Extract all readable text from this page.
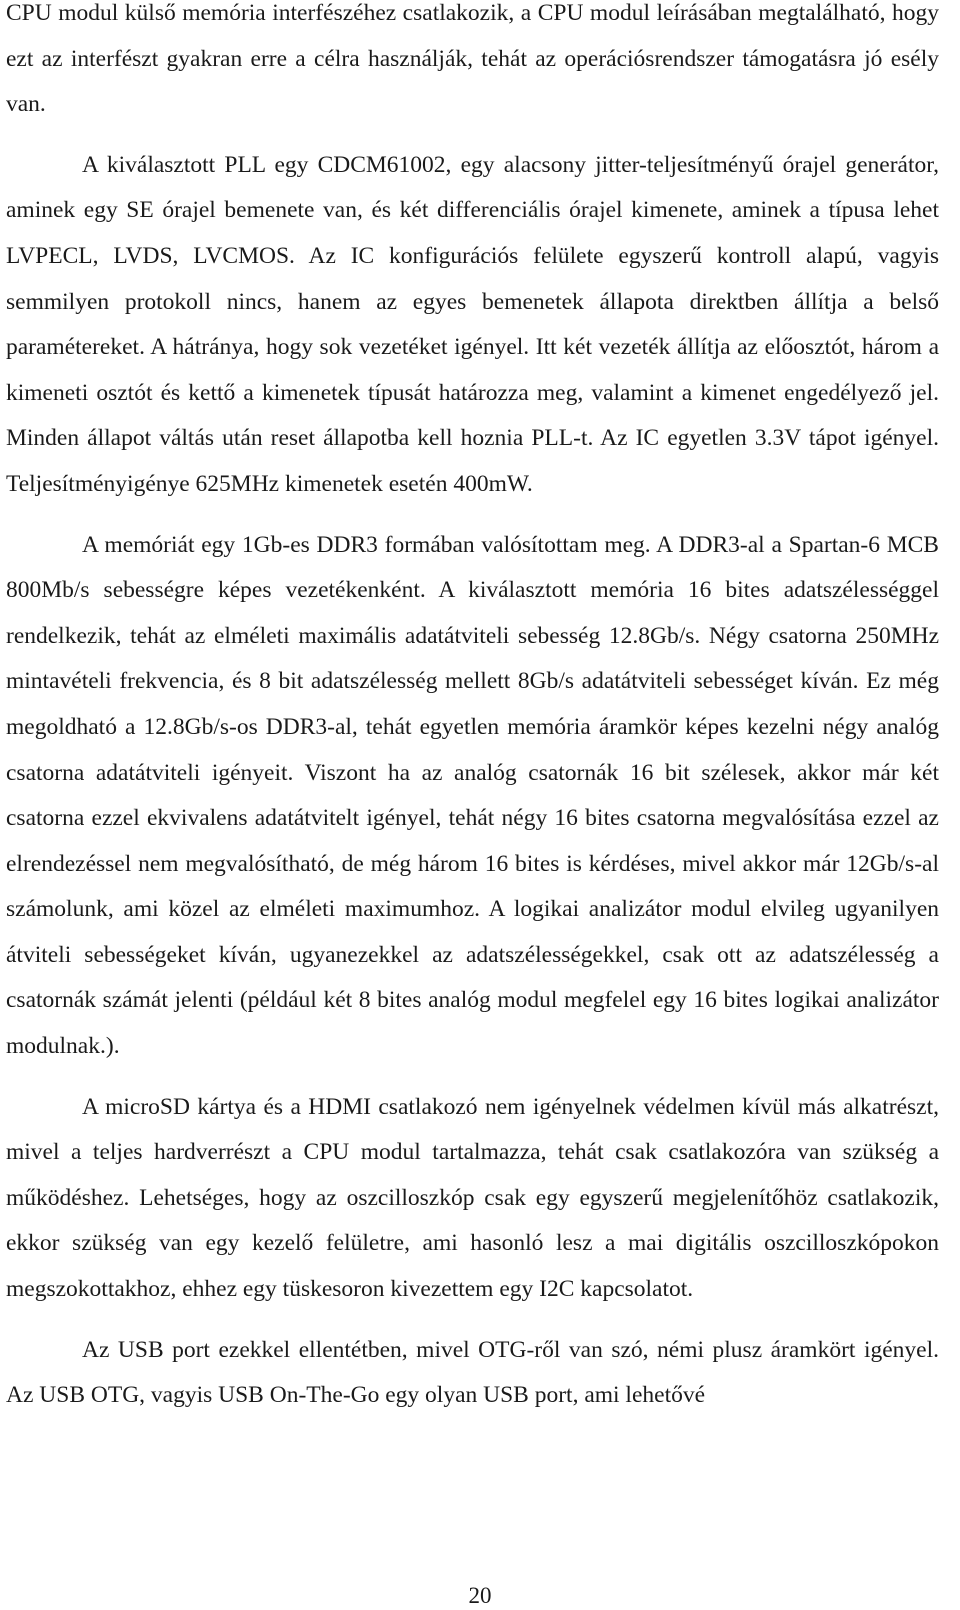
CPU modul külső memória interfészéhez csatlakozik, a CPU modul leírásában megtalálható, hogy ezt az interfészt gyakran erre a célra használják, tehát az operációsrendszer támogatásra jó esély van.

A kiválasztott PLL egy CDCM61002, egy alacsony jitter-teljesítményű órajel generátor, aminek egy SE órajel bemenete van, és két differenciális órajel kimenete, aminek a típusa lehet LVPECL, LVDS, LVCMOS. Az IC konfigurációs felülete egyszerű kontroll alapú, vagyis semmilyen protokoll nincs, hanem az egyes bemenetek állapota direktben állítja a belső paramétereket. A hátránya, hogy sok vezetéket igényel. Itt két vezeték állítja az előosztót, három a kimeneti osztót és kettő a kimenetek típusát határozza meg, valamint a kimenet engedélyező jel. Minden állapot váltás után reset állapotba kell hoznia PLL-t. Az IC egyetlen 3.3V tápot igényel. Teljesítményigénye 625MHz kimenetek esetén 400mW.

A memóriát egy 1Gb-es DDR3 formában valósítottam meg. A DDR3-al a Spartan-6 MCB 800Mb/s sebességre képes vezetékenként. A kiválasztott memória 16 bites adatszélességgel rendelkezik, tehát az elméleti maximális adatátviteli sebesség 12.8Gb/s. Négy csatorna 250MHz mintavételi frekvencia, és 8 bit adatszélesség mellett 8Gb/s adatátviteli sebességet kíván. Ez még megoldható a 12.8Gb/s-os DDR3-al, tehát egyetlen memória áramkör képes kezelni négy analóg csatorna adatátviteli igényeit. Viszont ha az analóg csatornák 16 bit szélesek, akkor már két csatorna ezzel ekvivalens adatátvitelt igényel, tehát négy 16 bites csatorna megvalósítása ezzel az elrendezéssel nem megvalósítható, de még három 16 bites is kérdéses, mivel akkor már 12Gb/s-al számolunk, ami közel az elméleti maximumhoz. A logikai analizátor modul elvileg ugyanilyen átviteli sebességeket kíván, ugyanezekkel az adatszélességekkel, csak ott az adatszélesség a csatornák számát jelenti (például két 8 bites analóg modul megfelel egy 16 bites logikai analizátor modulnak.).

A microSD kártya és a HDMI csatlakozó nem igényelnek védelmen kívül más alkatrészt, mivel a teljes hardverrészt a CPU modul tartalmazza, tehát csak csatlakozóra van szükség a működéshez. Lehetséges, hogy az oszcilloszkóp csak egy egyszerű megjelenítőhöz csatlakozik, ekkor szükség van egy kezelő felületre, ami hasonló lesz a mai digitális oszcilloszkópokon megszokottakhoz, ehhez egy tüskesoron kivezettem egy I2C kapcsolatot.

Az USB port ezekkel ellentétben, mivel OTG-ről van szó, némi plusz áramkört igényel. Az USB OTG, vagyis USB On-The-Go egy olyan USB port, ami lehetővé

20
